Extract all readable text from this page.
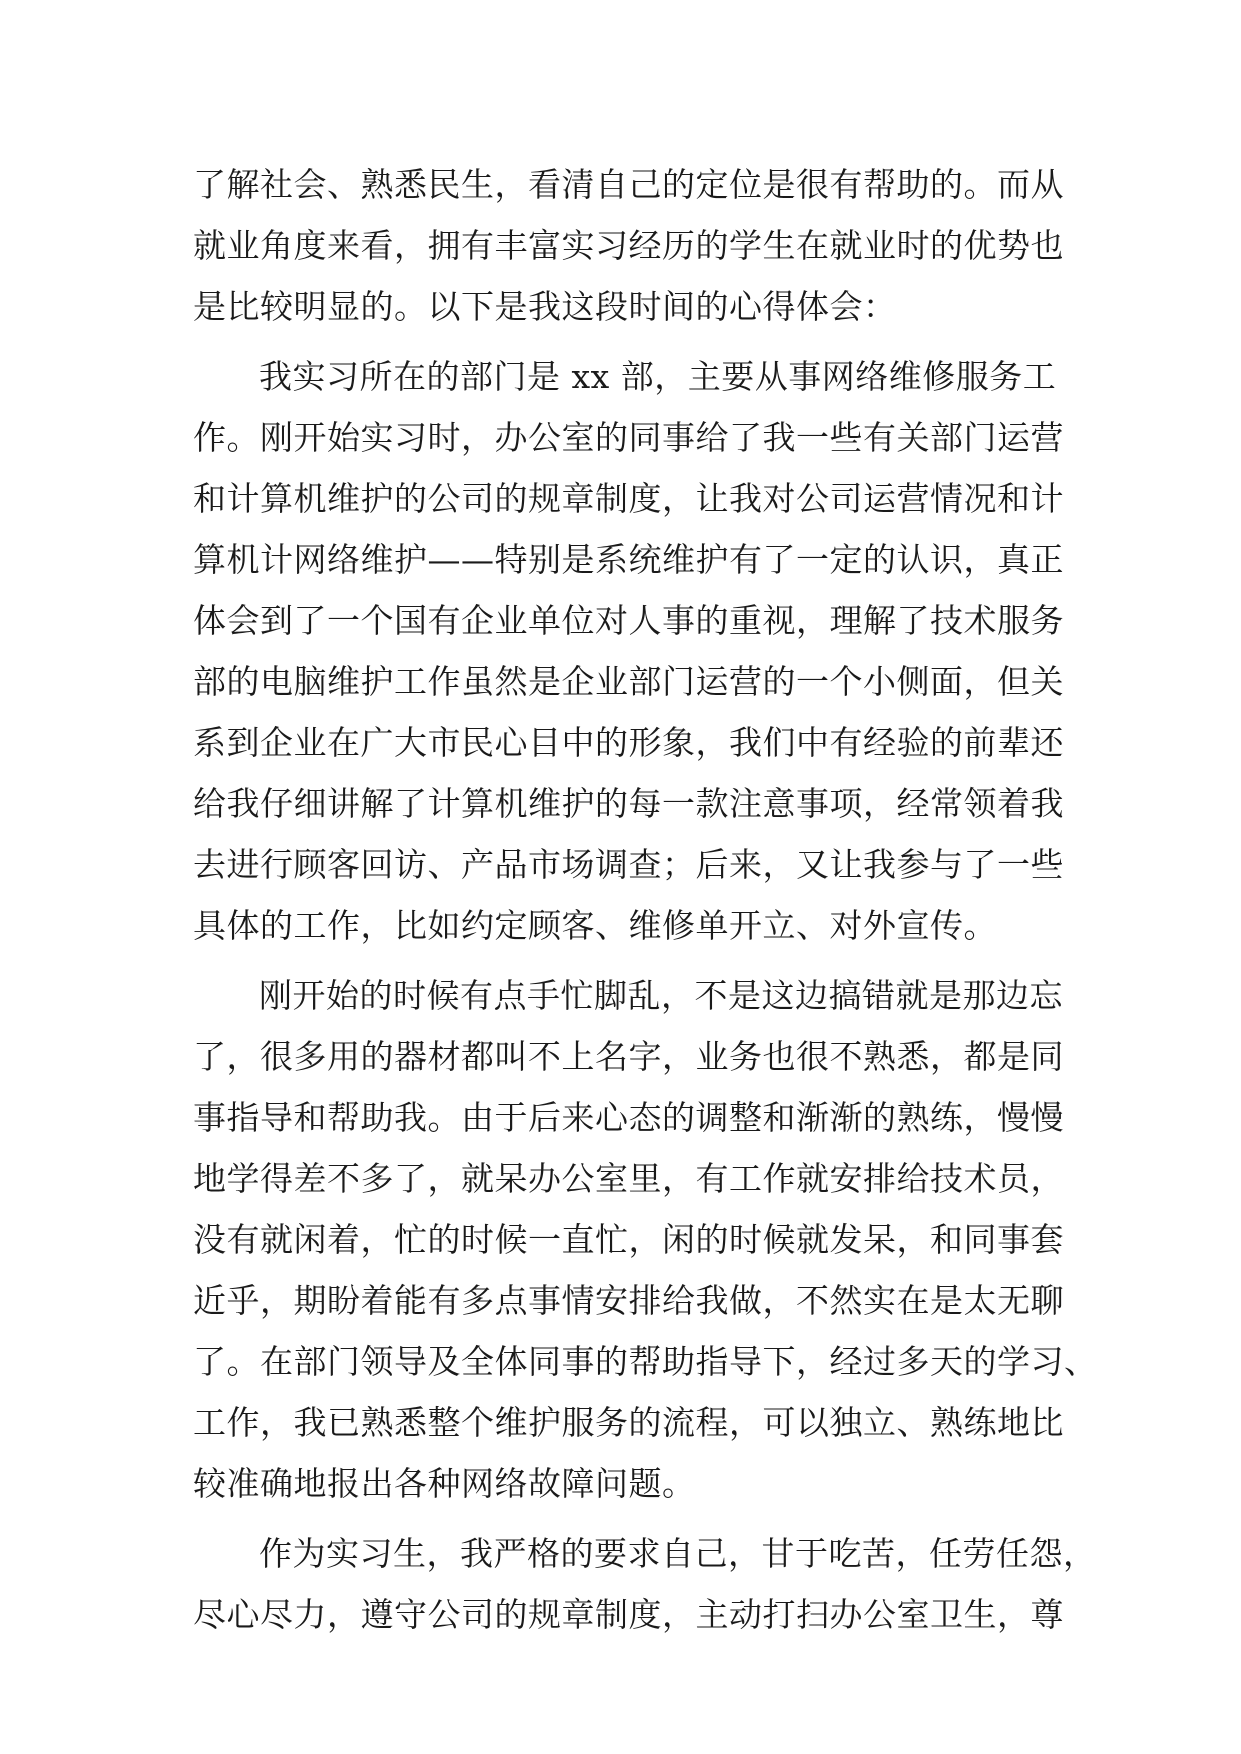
了解社会、熟悉民生，看清自己的定位是很有帮助的。而从
就业角度来看，拥有丰富实习经历的学生在就业时的优势也
是比较明显的。以下是我这段时间的心得体会：
我实习所在的部门是 xx 部，主要从事网络维修服务工
作。刚开始实习时，办公室的同事给了我一些有关部门运营
和计算机维护的公司的规章制度，让我对公司运营情况和计
算机计网络维护——特别是系统维护有了一定的认识，真正
体会到了一个国有企业单位对人事的重视，理解了技术服务
部的电脑维护工作虽然是企业部门运营的一个小侧面，但关
系到企业在广大市民心目中的形象，我们中有经验的前辈还
给我仔细讲解了计算机维护的每一款注意事项，经常领着我
去进行顾客回访、产品市场调查；后来，又让我参与了一些
具体的工作，比如约定顾客、维修单开立、对外宣传。
刚开始的时候有点手忙脚乱，不是这边搞错就是那边忘
了，很多用的器材都叫不上名字，业务也很不熟悉，都是同
事指导和帮助我。由于后来心态的调整和渐渐的熟练，慢慢
地学得差不多了，就呆办公室里，有工作就安排给技术员，
没有就闲着，忙的时候一直忙，闲的时候就发呆，和同事套
近乎，期盼着能有多点事情安排给我做，不然实在是太无聊
了。在部门领导及全体同事的帮助指导下，经过多天的学习、
工作，我已熟悉整个维护服务的流程，可以独立、熟练地比
较准确地报出各种网络故障问题。
作为实习生，我严格的要求自己，甘于吃苦，任劳任怨，
尽心尽力，遵守公司的规章制度，主动打扫办公室卫生，尊
